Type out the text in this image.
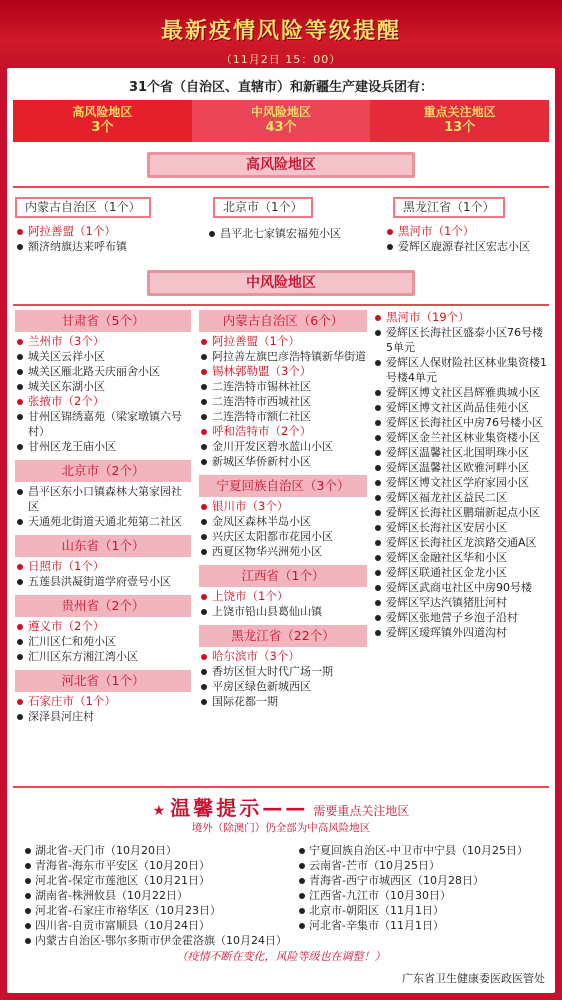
最新疫情风险等级提醒
（11月2日 15：00）
31个省（自治区、直辖市）和新疆生产建设兵团有：
高风险地区
3个
中风险地区
43个
重点关注地区
13个
高风险地区
内蒙古自治区（1个）
阿拉善盟（1个）
额济纳旗达来呼布镇
北京市（1个）
昌平北七家镇宏福苑小区
黑龙江省（1个）
黑河市（1个）
爱辉区鹿源春社区宏志小区
中风险地区
甘肃省（5个）
兰州市（3个）
城关区云祥小区
城关区雁北路天庆丽舍小区
城关区东湖小区
张掖市（2个）
甘州区锦绣嘉苑（梁家墩镇六号村）
甘州区龙王庙小区
北京市（2个）
昌平区东小口镇森林大第家园社区
天通苑北街道天通北苑第二社区
山东省（1个）
日照市（1个）
五莲县洪凝街道学府壹号小区
贵州省（2个）
遵义市（2个）
汇川区仁和苑小区
汇川区东方湘江湾小区
河北省（1个）
石家庄市（1个）
深泽县河庄村
内蒙古自治区（6个）
阿拉善盟（1个）
阿拉善左旗巴彦浩特镇新华街道
锡林郭勒盟（3个）
二连浩特市锡林社区
二连浩特市西城社区
二连浩特市额仁社区
呼和浩特市（2个）
金川开发区碧水蓝山小区
新城区华侨新村小区
宁夏回族自治区（3个）
银川市（3个）
金凤区森林半岛小区
兴庆区太阳都市花园小区
西夏区物华兴洲苑小区
江西省（1个）
上饶市（1个）
上饶市铅山县葛仙山镇
黑龙江省（22个）
哈尔滨市（3个）
香坊区恒大时代广场一期
平房区绿色新城西区
国际花都一期
黑河市（19个）
爱辉区长海社区盛泰小区76号楼5单元
爱辉区人保财险社区林业集资楼1号楼4单元
爱辉区博文社区昌辉雅典城小区
爱辉区博文社区尚品佳苑小区
爱辉区长海社区中房76号楼小区
爱辉区金兰社区林业集资楼小区
爱辉区温馨社区北国明珠小区
爱辉区温馨社区欧雅河畔小区
爱辉区博文社区学府家园小区
爱辉区福龙社区益民二区
爱辉区长海社区鹏瑞新起点小区
爱辉区长海社区安居小区
爱辉区长海社区龙滨路交通A区
爱辉区金融社区华和小区
爱辉区联通社区金龙小区
爱辉区武商屯社区中房90号楼
爱辉区罕达汽镇猪肚河村
爱辉区张地营子乡泡子沿村
爱辉区瑷珲镇外四道沟村
★ 温馨提示—— 需要重点关注地区
境外（除澳门）仍全部为中高风险地区
湖北省-天门市（10月20日）
青海省-海东市平安区（10月20日）
河北省-保定市莲池区（10月21日）
湖南省-株洲攸县（10月22日）
河北省-石家庄市裕华区（10月23日）
四川省-自贡市富顺县（10月24日）
内蒙古自治区-鄂尔多斯市伊金霍洛旗（10月24日）
宁夏回族自治区-中卫市中宁县（10月25日）
云南省-芒市（10月25日）
青海省-西宁市城西区（10月28日）
江西省-九江市（10月30日）
北京市-朝阳区（11月1日）
河北省-辛集市（11月1日）
（疫情不断在变化，风险等级也在调整！）
广东省卫生健康委医政医管处
